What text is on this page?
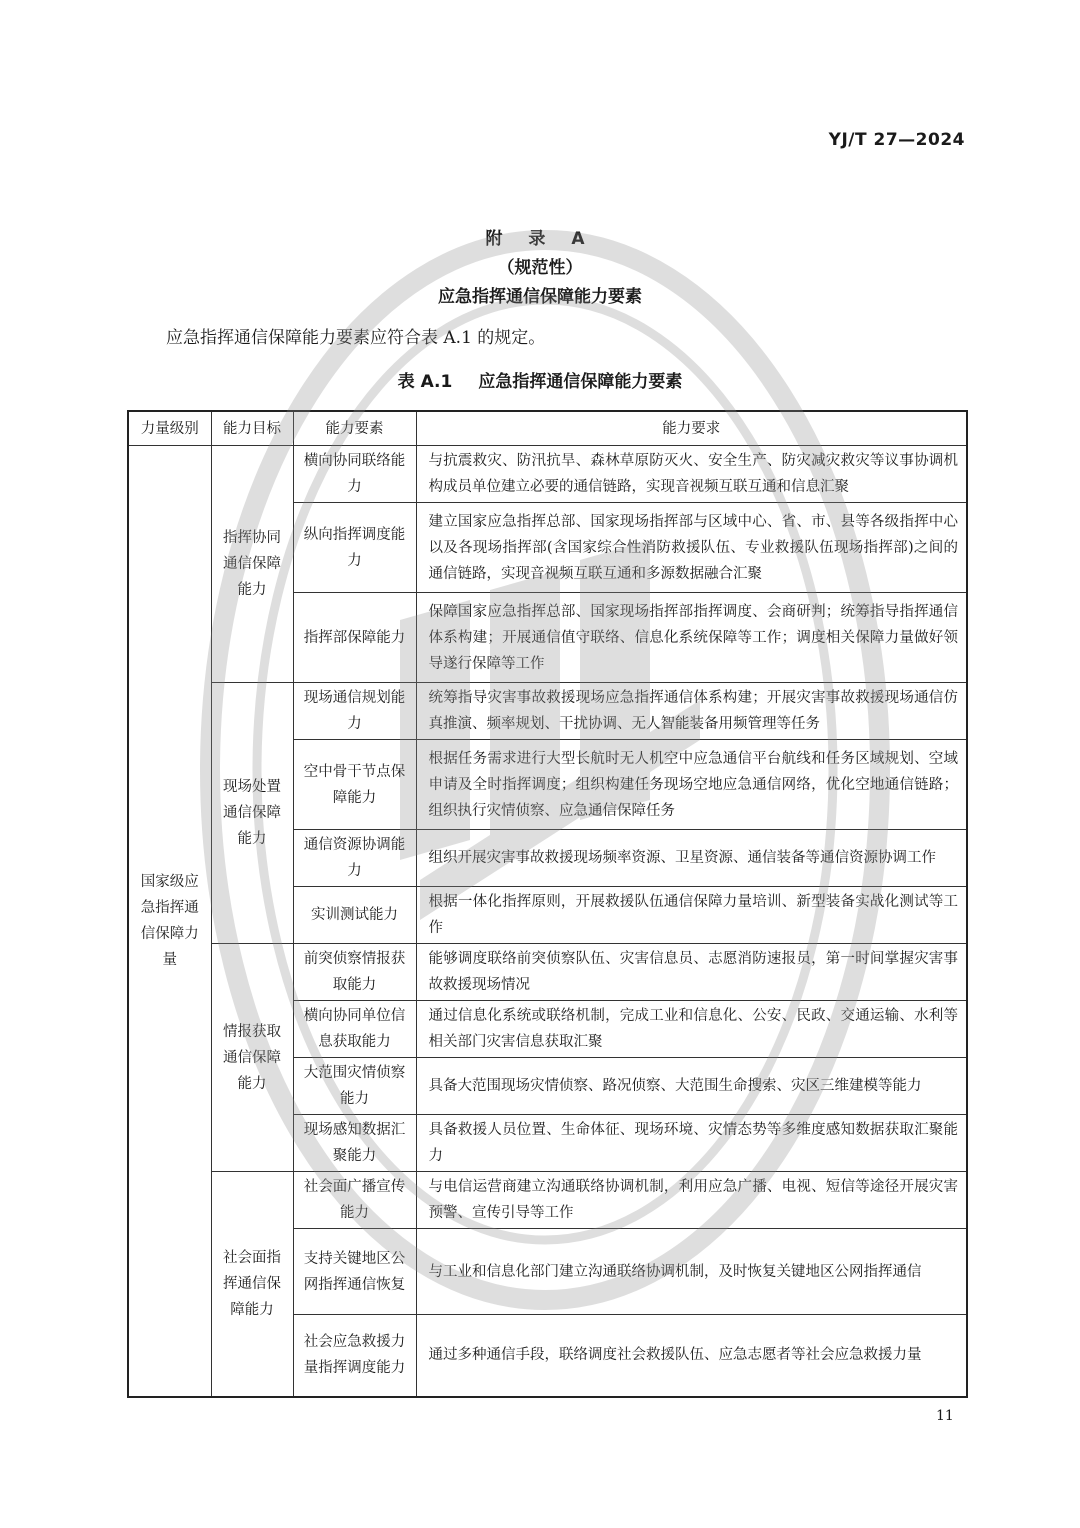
YJ/T 27—2024
附 录 A
（规范性）
应急指挥通信保障能力要素
应急指挥通信保障能力要素应符合表 A.1 的规定。
表 A.1 应急指挥通信保障能力要素
力量级别	能力目标	能力要素	能力要求
国家级应急指挥通信保障力量	指挥协同通信保障能力	横向协同联络能力	与抗震救灾、防汛抗旱、森林草原防灭火、安全生产、防灾减灾救灾等议事协调机构成员单位建立必要的通信链路，实现音视频互联互通和信息汇聚
		纵向指挥调度能力	建立国家应急指挥总部、国家现场指挥部与区域中心、省、市、县等各级指挥中心以及各现场指挥部(含国家综合性消防救援队伍、专业救援队伍现场指挥部)之间的通信链路，实现音视频互联互通和多源数据融合汇聚
		指挥部保障能力	保障国家应急指挥总部、国家现场指挥部指挥调度、会商研判；统筹指导指挥通信体系构建；开展通信值守联络、信息化系统保障等工作；调度相关保障力量做好领导遂行保障等工作
	现场处置通信保障能力	现场通信规划能力	统筹指导灾害事故救援现场应急指挥通信体系构建；开展灾害事故救援现场通信仿真推演、频率规划、干扰协调、无人智能装备用频管理等任务
		空中骨干节点保障能力	根据任务需求进行大型长航时无人机空中应急通信平台航线和任务区域规划、空域申请及全时指挥调度；组织构建任务现场空地应急通信网络，优化空地通信链路；组织执行灾情侦察、应急通信保障任务
		通信资源协调能力	组织开展灾害事故救援现场频率资源、卫星资源、通信装备等通信资源协调工作
		实训测试能力	根据一体化指挥原则，开展救援队伍通信保障力量培训、新型装备实战化测试等工作
	情报获取通信保障能力	前突侦察情报获取能力	能够调度联络前突侦察队伍、灾害信息员、志愿消防速报员，第一时间掌握灾害事故救援现场情况
		横向协同单位信息获取能力	通过信息化系统或联络机制，完成工业和信息化、公安、民政、交通运输、水利等相关部门灾害信息获取汇聚
		大范围灾情侦察能力	具备大范围现场灾情侦察、路况侦察、大范围生命搜索、灾区三维建模等能力
		现场感知数据汇聚能力	具备救援人员位置、生命体征、现场环境、灾情态势等多维度感知数据获取汇聚能力
	社会面指挥通信保障能力	社会面广播宣传能力	与电信运营商建立沟通联络协调机制，利用应急广播、电视、短信等途径开展灾害预警、宣传引导等工作
		支持关键地区公网指挥通信恢复	与工业和信息化部门建立沟通联络协调机制，及时恢复关键地区公网指挥通信
		社会应急救援力量指挥调度能力	通过多种通信手段，联络调度社会救援队伍、应急志愿者等社会应急救援力量
11
